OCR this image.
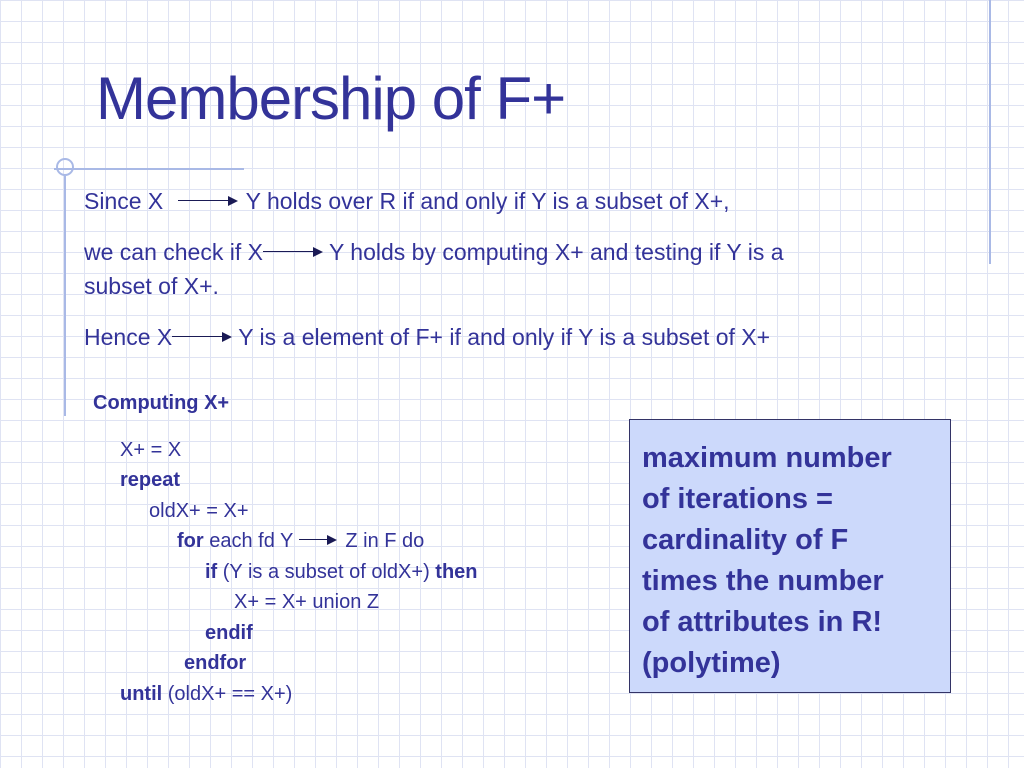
Membership of F+
Since X	Y holds over R if and only if Y is a subset of X+,
we can check if X	Y holds by computing X+ and testing if Y is a
subset of X+.
Hence X	Y is a element of F+ if and only if Y is a subset of X+
Computing X+
X+ = X
repeat
oldX+ = X+
for each fd Y	Z in F do
if (Y is a subset of oldX+) then
X+ = X+ union Z
endif
endfor
until (oldX+ == X+)

maximum number
of iterations =
cardinality of F
times the number
of attributes in R!
(polytime)
